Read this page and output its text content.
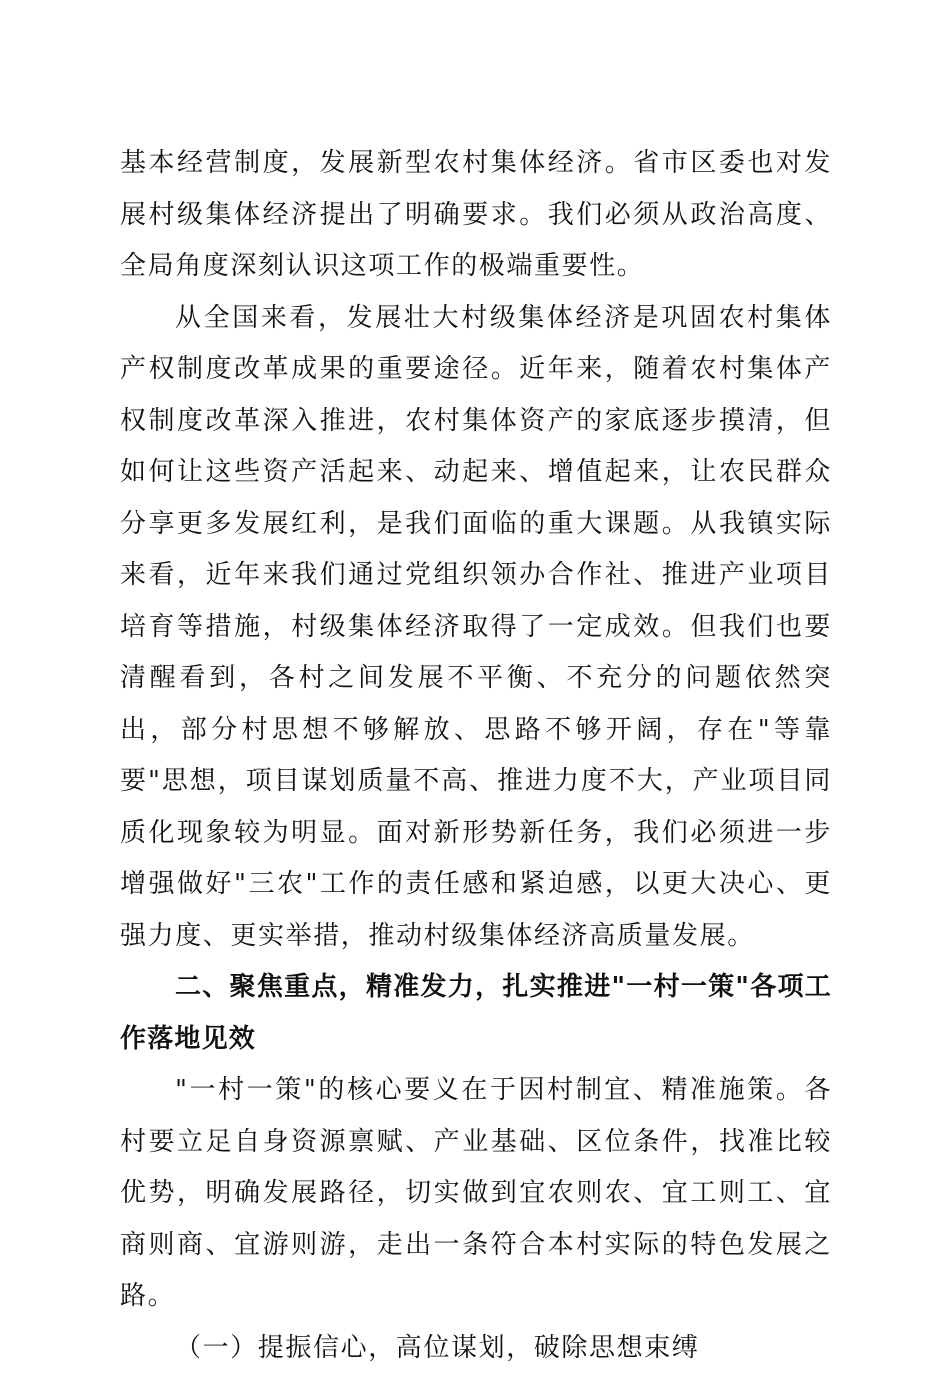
基本经营制度，发展新型农村集体经济。省市区委也对发展村级集体经济提出了明确要求。我们必须从政治高度、全局角度深刻认识这项工作的极端重要性。

从全国来看，发展壮大村级集体经济是巩固农村集体产权制度改革成果的重要途径。近年来，随着农村集体产权制度改革深入推进，农村集体资产的家底逐步摸清，但如何让这些资产活起来、动起来、增值起来，让农民群众分享更多发展红利，是我们面临的重大课题。从我镇实际来看，近年来我们通过党组织领办合作社、推进产业项目培育等措施，村级集体经济取得了一定成效。但我们也要清醒看到，各村之间发展不平衡、不充分的问题依然突出，部分村思想不够解放、思路不够开阔，存在"等靠要"思想，项目谋划质量不高、推进力度不大，产业项目同质化现象较为明显。面对新形势新任务，我们必须进一步增强做好"三农"工作的责任感和紧迫感，以更大决心、更强力度、更实举措，推动村级集体经济高质量发展。

二、聚焦重点，精准发力，扎实推进"一村一策"各项工作落地见效

"一村一策"的核心要义在于因村制宜、精准施策。各村要立足自身资源禀赋、产业基础、区位条件，找准比较优势，明确发展路径，切实做到宜农则农、宜工则工、宜商则商、宜游则游，走出一条符合本村实际的特色发展之路。

（一）提振信心，高位谋划，破除思想束缚
